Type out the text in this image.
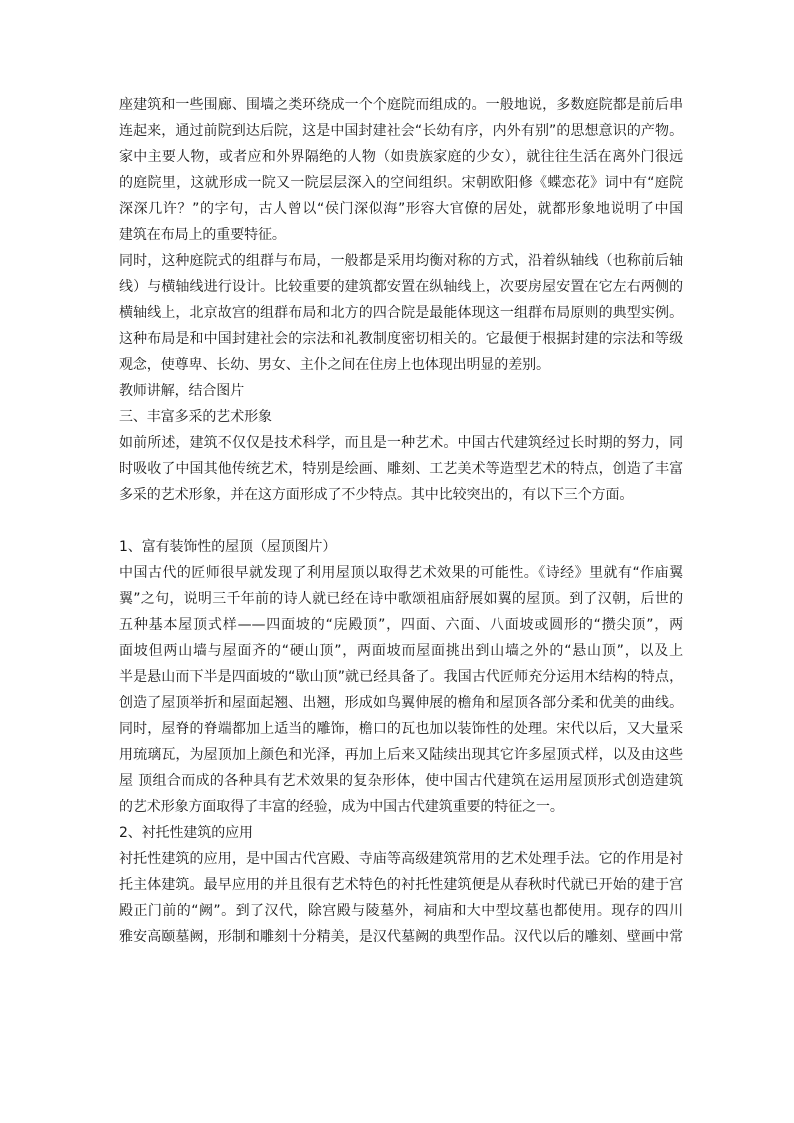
座建筑和一些围廊、围墙之类环绕成一个个庭院而组成的。一般地说，多数庭院都是前后串
连起来，通过前院到达后院，这是中国封建社会“长幼有序，内外有别”的思想意识的产物。
家中主要人物，或者应和外界隔绝的人物（如贵族家庭的少女），就往往生活在离外门很远
的庭院里，这就形成一院又一院层层深入的空间组织。宋朝欧阳修《蝶恋花》词中有“庭院
深深几许？”的字句，古人曾以“侯门深似海”形容大官僚的居处，就都形象地说明了中国
建筑在布局上的重要特征。
同时，这种庭院式的组群与布局，一般都是采用均衡对称的方式，沿着纵轴线（也称前后轴
线）与横轴线进行设计。比较重要的建筑都安置在纵轴线上，次要房屋安置在它左右两侧的
横轴线上，北京故宫的组群布局和北方的四合院是最能体现这一组群布局原则的典型实例。
这种布局是和中国封建社会的宗法和礼教制度密切相关的。它最便于根据封建的宗法和等级
观念，使尊卑、长幼、男女、主仆之间在住房上也体现出明显的差别。
教师讲解，结合图片
三、丰富多采的艺术形象
如前所述，建筑不仅仅是技术科学，而且是一种艺术。中国古代建筑经过长时期的努力，同
时吸收了中国其他传统艺术，特别是绘画、雕刻、工艺美术等造型艺术的特点，创造了丰富
多采的艺术形象，并在这方面形成了不少特点。其中比较突出的，有以下三个方面。
1、富有装饰性的屋顶（屋顶图片）
中国古代的匠师很早就发现了利用屋顶以取得艺术效果的可能性。《诗经》里就有“作庙翼
翼”之句，说明三千年前的诗人就已经在诗中歌颂祖庙舒展如翼的屋顶。到了汉朝，后世的
五种基本屋顶式样——四面坡的“庑殿顶”，四面、六面、八面坡或圆形的“攒尖顶”，两
面坡但两山墙与屋面齐的“硬山顶”，两面坡而屋面挑出到山墙之外的“悬山顶”，以及上
半是悬山而下半是四面坡的“歇山顶”就已经具备了。我国古代匠师充分运用木结构的特点，
创造了屋顶举折和屋面起翘、出翘，形成如鸟翼伸展的檐角和屋顶各部分柔和优美的曲线。
同时，屋脊的脊端都加上适当的雕饰，檐口的瓦也加以装饰性的处理。宋代以后，又大量采
用琉璃瓦，为屋顶加上颜色和光泽，再加上后来又陆续出现其它许多屋顶式样，以及由这些
屋 顶组合而成的各种具有艺术效果的复杂形体，使中国古代建筑在运用屋顶形式创造建筑
的艺术形象方面取得了丰富的经验，成为中国古代建筑重要的特征之一。
2、衬托性建筑的应用
衬托性建筑的应用，是中国古代宫殿、寺庙等高级建筑常用的艺术处理手法。它的作用是衬
托主体建筑。最早应用的并且很有艺术特色的衬托性建筑便是从春秋时代就已开始的建于宫
殿正门前的“阙”。到了汉代，除宫殿与陵墓外，祠庙和大中型坟墓也都使用。现存的四川
雅安高颐墓阙，形制和雕刻十分精美，是汉代墓阙的典型作品。汉代以后的雕刻、壁画中常
